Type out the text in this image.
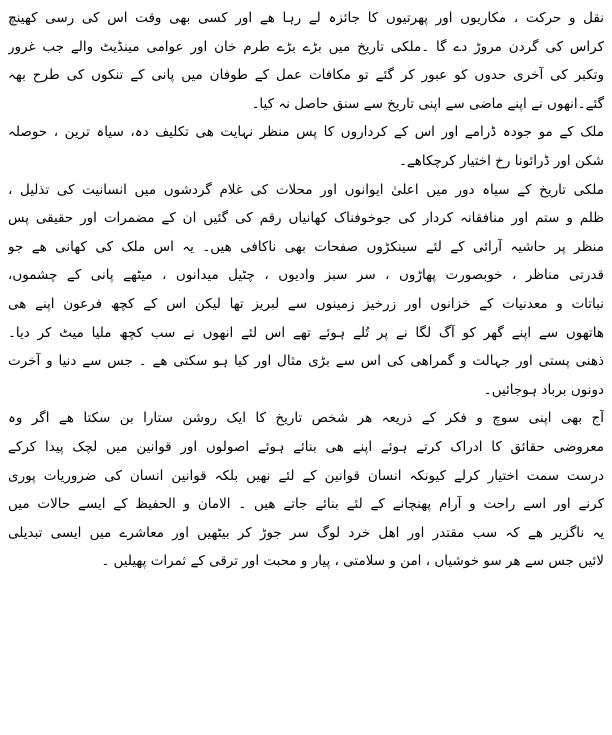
نقل و حرکت ، مکاریوں اور پھرتیوں کا جائزہ لے رہا ھے اور کسی بھی وقت اس کی رسی کھینچ
کراس کی گردن مروڑ دے گا ۔ملکی تاریخ میں بڑے بڑے طرم خان اور عوامی مینڈیٹ والے جب غرور
وتکبر کی آخری حدوں کو عبور کر گئے تو مکافات عمل کے طوفان میں پانی کے تنکوں کی طرح بھہ
گئے۔انھوں نے اپنے ماضی سے اپنی تاریخ سے سنق حاصل نہ کیا۔
ملک کے مو جودہ ڈرامے اور اس کے کرداروں کا پس منظر نہایت ھی تکلیف دہ، سیاہ ترین ، حوصلہ
شکن اور ڈرائونا رخ اختیار کرچکاھے۔
ملکی تاریخ کے سیاہ دور میں اعلیٰ ایوانوں اور محلات کی غلام گردشوں میں انسانیت کی تذلیل ،
ظلم و ستم اور منافقانہ کردار کی جوخوفناک کھانیاں رقم کی گئیں ان کے مضمرات اور حقیقی پس
منظر پر حاشیہ آرائی کے لئے سینکڑوں صفحات بھی ناکافی ھیں۔ یہ اس ملک کی کھانی ھے جو
قدرتی مناظر ، خوبصورت پھاڑوں ، سر سبز وادیوں ، چٹیل میدانوں ، میٹھے پانی کے چشموں،
نباتات و معدنیات کے خزانوں اور زرخیز زمینوں سے لبریز تھا لیکن اس کے کچھ فرعون اپنے ھی
ھاتھوں سے اپنے گھر کو آگ لگا نے پر تُلے ہوئے تھے اس لئے انھوں نے سب کچھ ملیا میٹ کر دیا۔
ذھنی پستی اور جہالت و گمراھی کی اس سے بڑی مثال اور کیا ہو سکتی ھے ۔ جس سے دنیا و آخرت
دونوں برباد ہوجائیں۔
آج بھی اپنی سوچ و فکر کے ذریعہ ھر شخص تاریخ کا ایک روشن ستارا بن سکتا ھے اگر وہ
معروضی حقائق کا ادراک کرتے ہوئے اپنے ھی بنائے ہوئے اصولوں اور قوانین میں لچک پیدا کرکے
درست سمت اختیار کرلے کیونکہ انسان قوانین کے لئے نھیں بلکہ قوانین انسان کی ضروریات پوری
کرنے اور اسے راحت و آرام پھنچانے کے لئے بنائے جاتے ھیں ۔ الامان و الحفیظ کے ایسے حالات میں
یہ ناگزیر ھے کہ سب مقتدر اور اھل خرد لوگ سر جوڑ کر بیٹھیں اور معاشرے میں ایسی تبدیلی
لائیں جس سے ھر سو خوشیاں ، امن و سلامتی ، پیار و محبت اور ترقی کے ثمرات پھیلیں ۔
